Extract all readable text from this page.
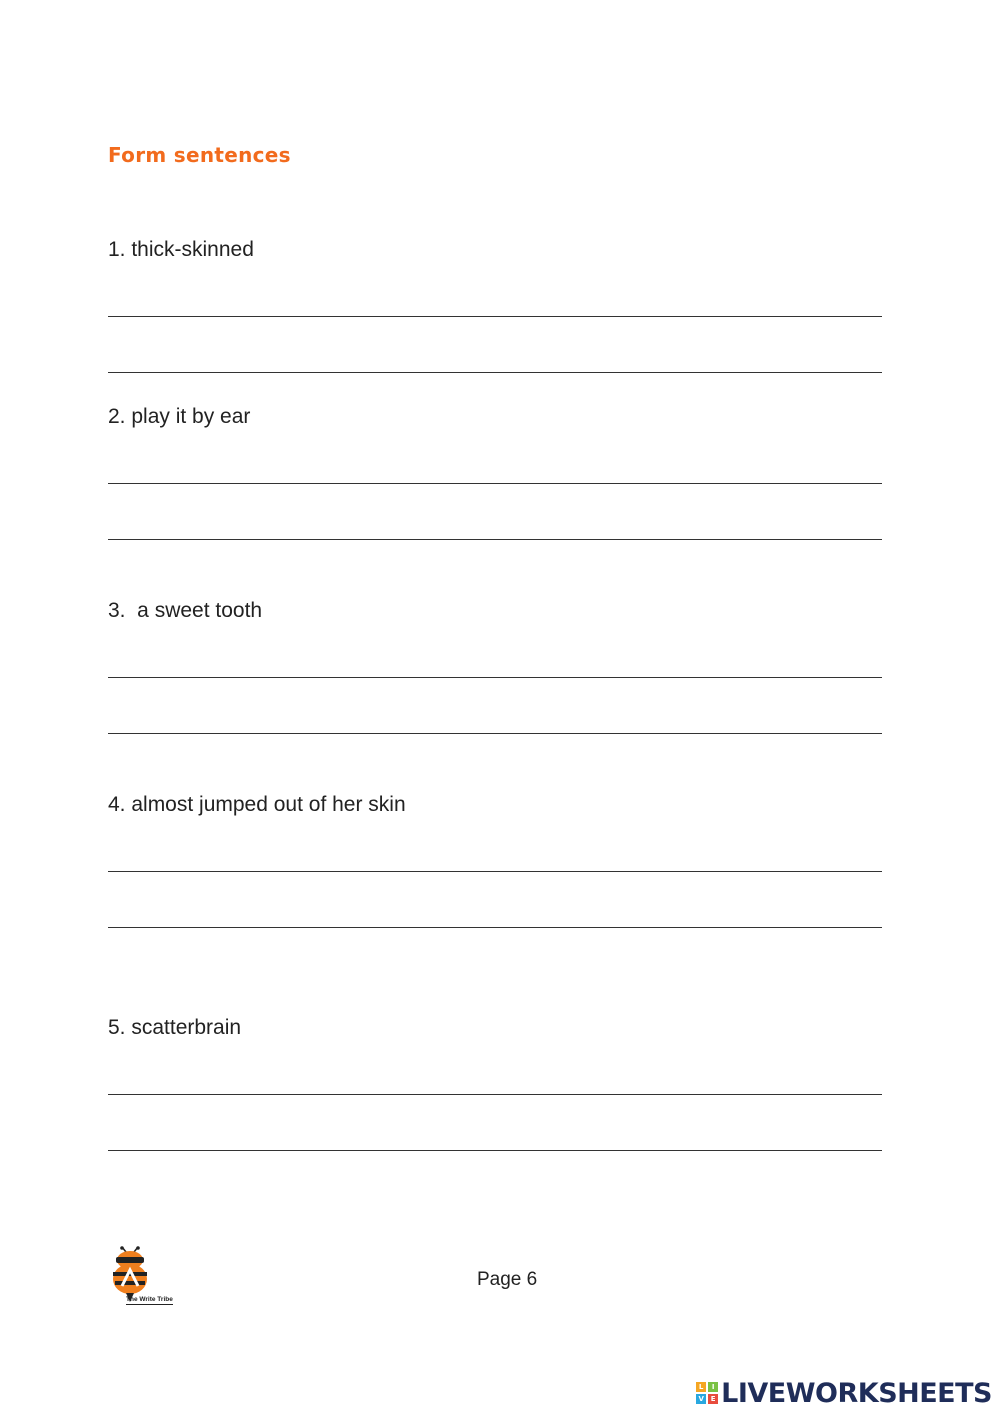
Form sentences
1. thick-skinned
2. play it by ear
3.  a sweet tooth
4. almost jumped out of her skin
5. scatterbrain
The Write Tribe
Page 6
L	I
V E LIVEWORKSHEETS
